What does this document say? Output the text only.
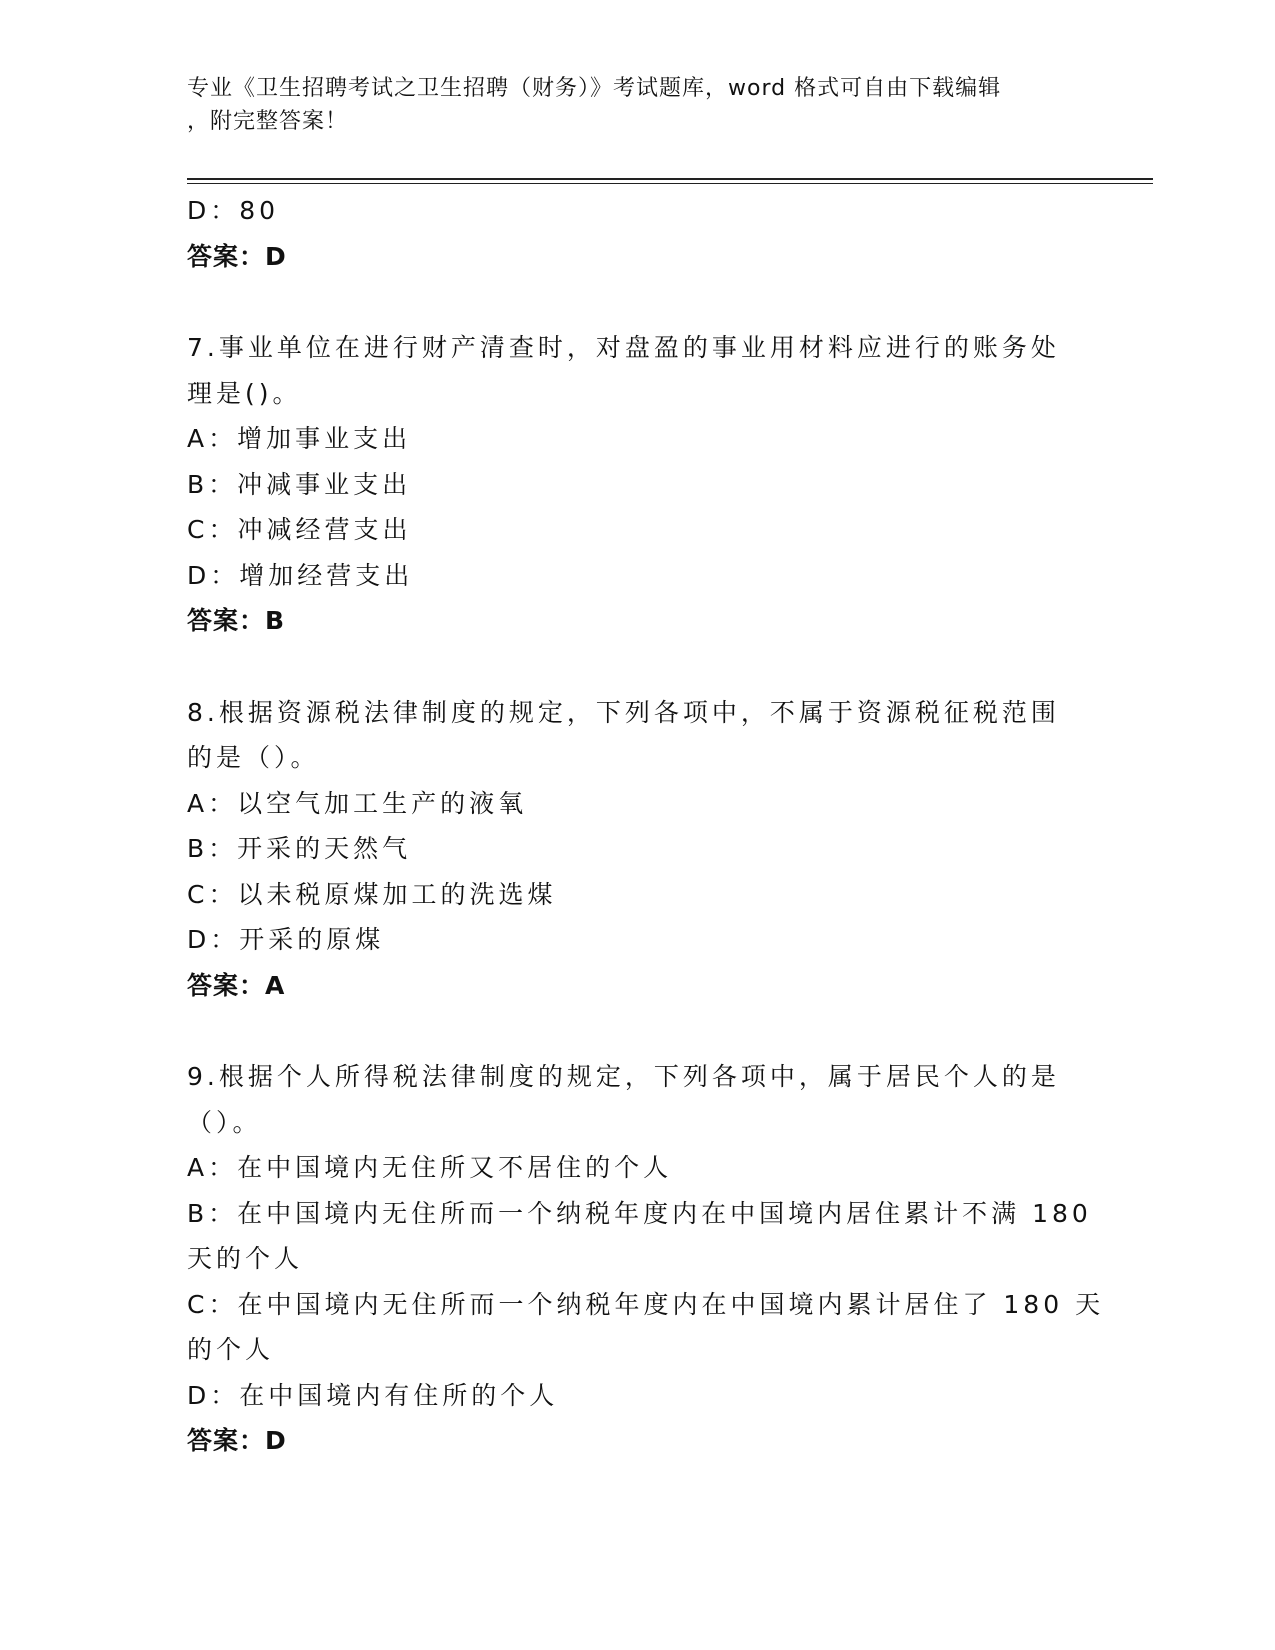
专业《卫生招聘考试之卫生招聘（财务）》考试题库，word 格式可自由下载编辑
，附完整答案！
D：80
答案：D
7.事业单位在进行财产清查时，对盘盈的事业用材料应进行的账务处
理是()。
A：增加事业支出
B：冲减事业支出
C：冲减经营支出
D：增加经营支出
答案：B
8.根据资源税法律制度的规定，下列各项中，不属于资源税征税范围
的是（）。
A：以空气加工生产的液氧
B：开采的天然气
C：以未税原煤加工的洗选煤
D：开采的原煤
答案：A
9.根据个人所得税法律制度的规定，下列各项中，属于居民个人的是
（）。
A：在中国境内无住所又不居住的个人
B：在中国境内无住所而一个纳税年度内在中国境内居住累计不满 180
天的个人
C：在中国境内无住所而一个纳税年度内在中国境内累计居住了 180 天
的个人
D：在中国境内有住所的个人
答案：D
